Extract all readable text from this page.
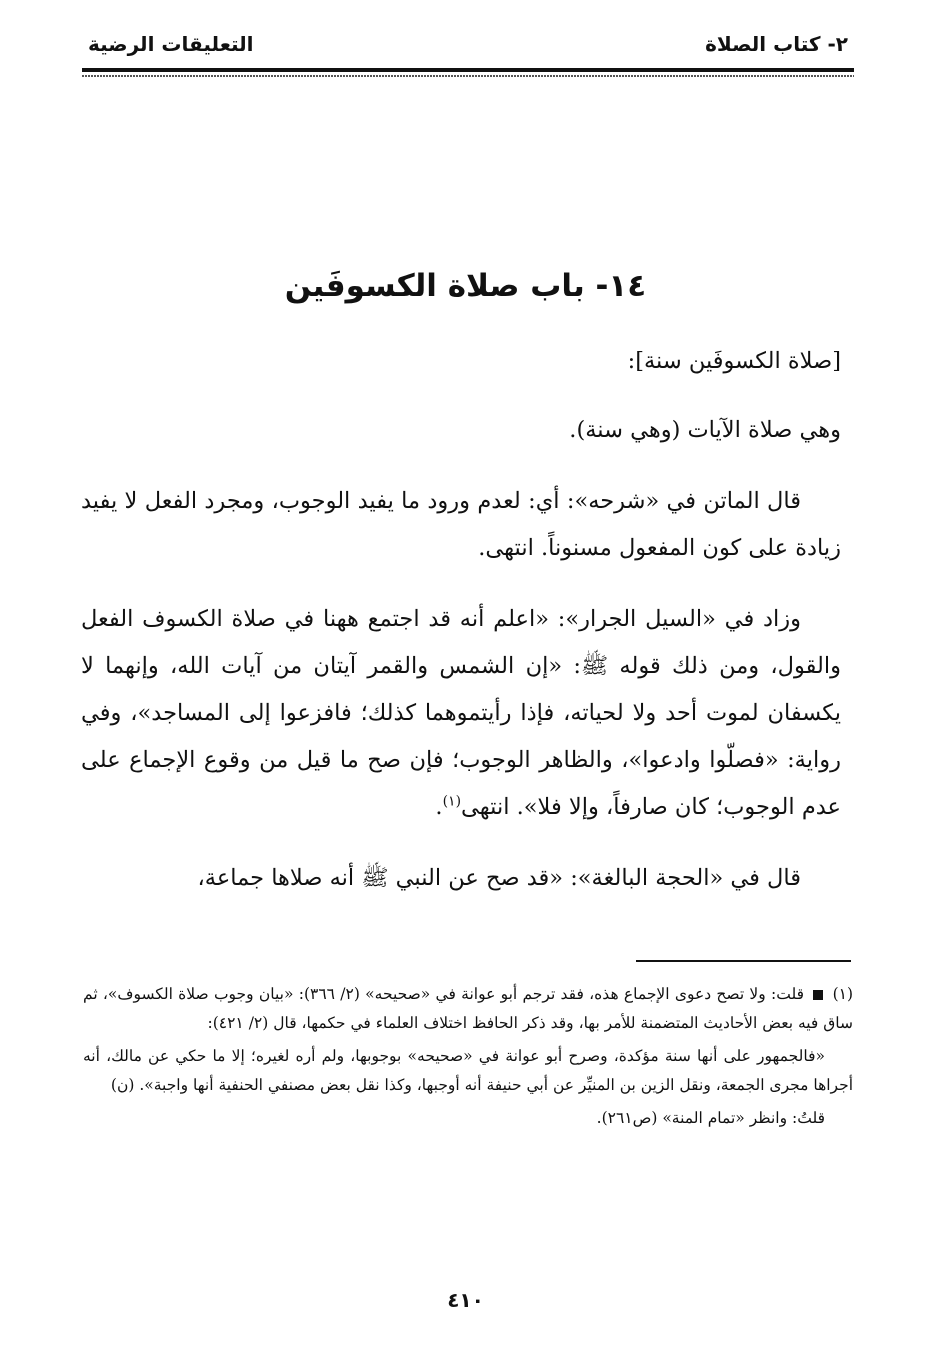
٢- كتاب الصلاة
التعليقات الرضية
١٤- باب صلاة الكسوفَين

[صلاة الكسوفَين سنة]:

وهي صلاة الآيات (وهي سنة).

قال الماتن في «شرحه»: أي: لعدم ورود ما يفيد الوجوب، ومجرد الفعل لا يفيد زيادة على كون المفعول مسنوناً. انتهى.

وزاد في «السيل الجرار»: «اعلم أنه قد اجتمع ههنا في صلاة الكسوف الفعل والقول، ومن ذلك قوله ﷺ: «إن الشمس والقمر آيتان من آيات الله، وإنهما لا يكسفان لموت أحد ولا لحياته، فإذا رأيتموهما كذلك؛ فافزعوا إلى المساجد»، وفي رواية: «فصلّوا وادعوا»، والظاهر الوجوب؛ فإن صح ما قيل من وقوع الإجماع على عدم الوجوب؛ كان صارفاً، وإلا فلا». انتهى$^{(١)}$.

قال في «الحجة البالغة»: «قد صح عن النبي ﷺ أنه صلاها جماعة،

(١)  قلت: ولا تصح دعوى الإجماع هذه، فقد ترجم أبو عوانة في «صحيحه» (٢/ ٣٦٦): «بيان وجوب صلاة الكسوف»، ثم ساق فيه بعض الأحاديث المتضمنة للأمر بها، وقد ذكر الحافظ اختلاف العلماء في حكمها، قال (٢/ ٤٢١):

«فالجمهور على أنها سنة مؤكدة، وصرح أبو عوانة في «صحيحه» بوجوبها، ولم أره لغيره؛ إلا ما حكي عن مالك، أنه أجراها مجرى الجمعة، ونقل الزين بن المنيِّر عن أبي حنيفة أنه أوجبها، وكذا نقل بعض مصنفي الحنفية أنها واجبة». (ن)

قلتُ: وانظر «تمام المنة» (ص٢٦١).

٤١٠
